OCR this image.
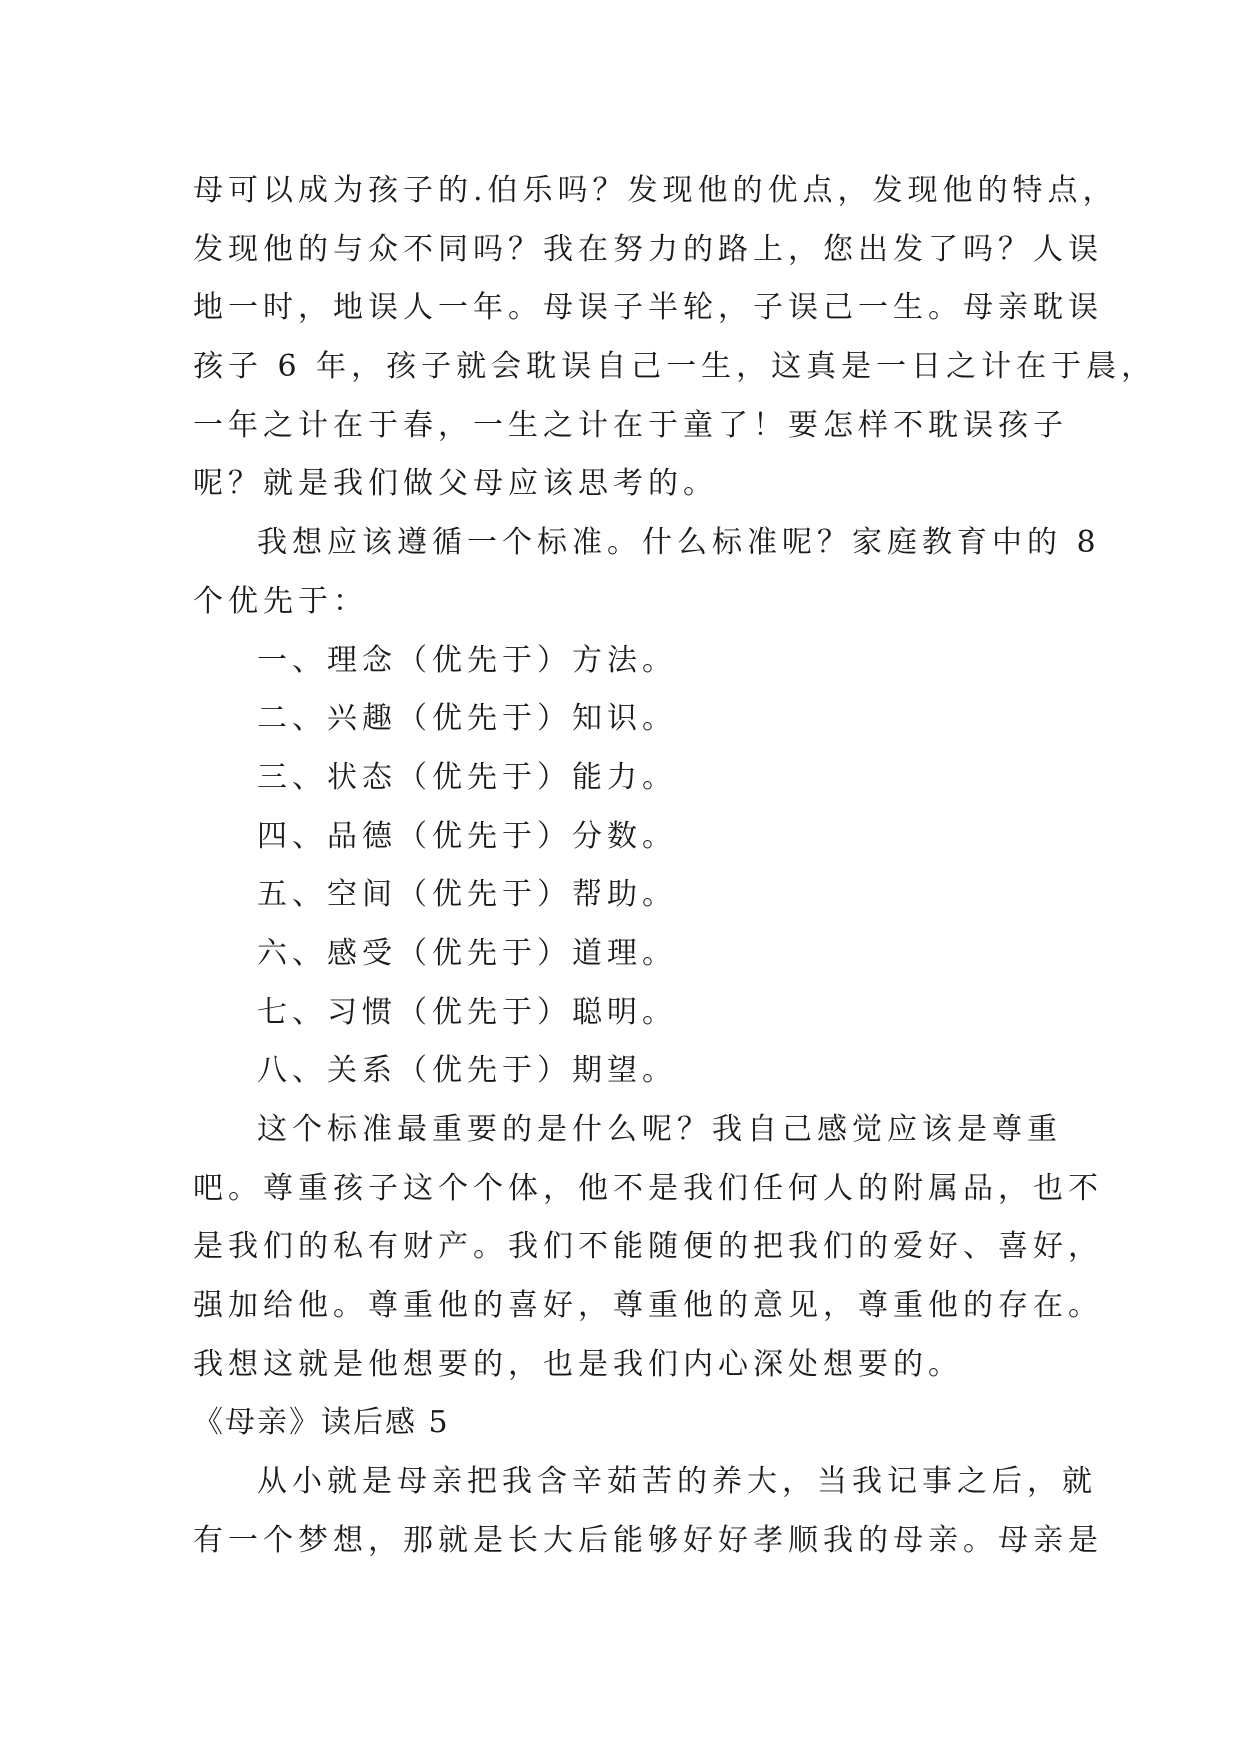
母可以成为孩子的.伯乐吗？发现他的优点，发现他的特点，
发现他的与众不同吗？我在努力的路上，您出发了吗？人误
地一时，地误人一年。母误子半轮，子误己一生。母亲耽误
孩子 6 年，孩子就会耽误自己一生，这真是一日之计在于晨，
一年之计在于春，一生之计在于童了！要怎样不耽误孩子
呢？就是我们做父母应该思考的。
我想应该遵循一个标准。什么标准呢？家庭教育中的 8
个优先于：
一、理念（优先于）方法。
二、兴趣（优先于）知识。
三、状态（优先于）能力。
四、品德（优先于）分数。
五、空间（优先于）帮助。
六、感受（优先于）道理。
七、习惯（优先于）聪明。
八、关系（优先于）期望。
这个标准最重要的是什么呢？我自己感觉应该是尊重
吧。尊重孩子这个个体，他不是我们任何人的附属品，也不
是我们的私有财产。我们不能随便的把我们的爱好、喜好，
强加给他。尊重他的喜好，尊重他的意见，尊重他的存在。
我想这就是他想要的，也是我们内心深处想要的。
《母亲》读后感 5
从小就是母亲把我含辛茹苦的养大，当我记事之后，就
有一个梦想，那就是长大后能够好好孝顺我的母亲。母亲是
